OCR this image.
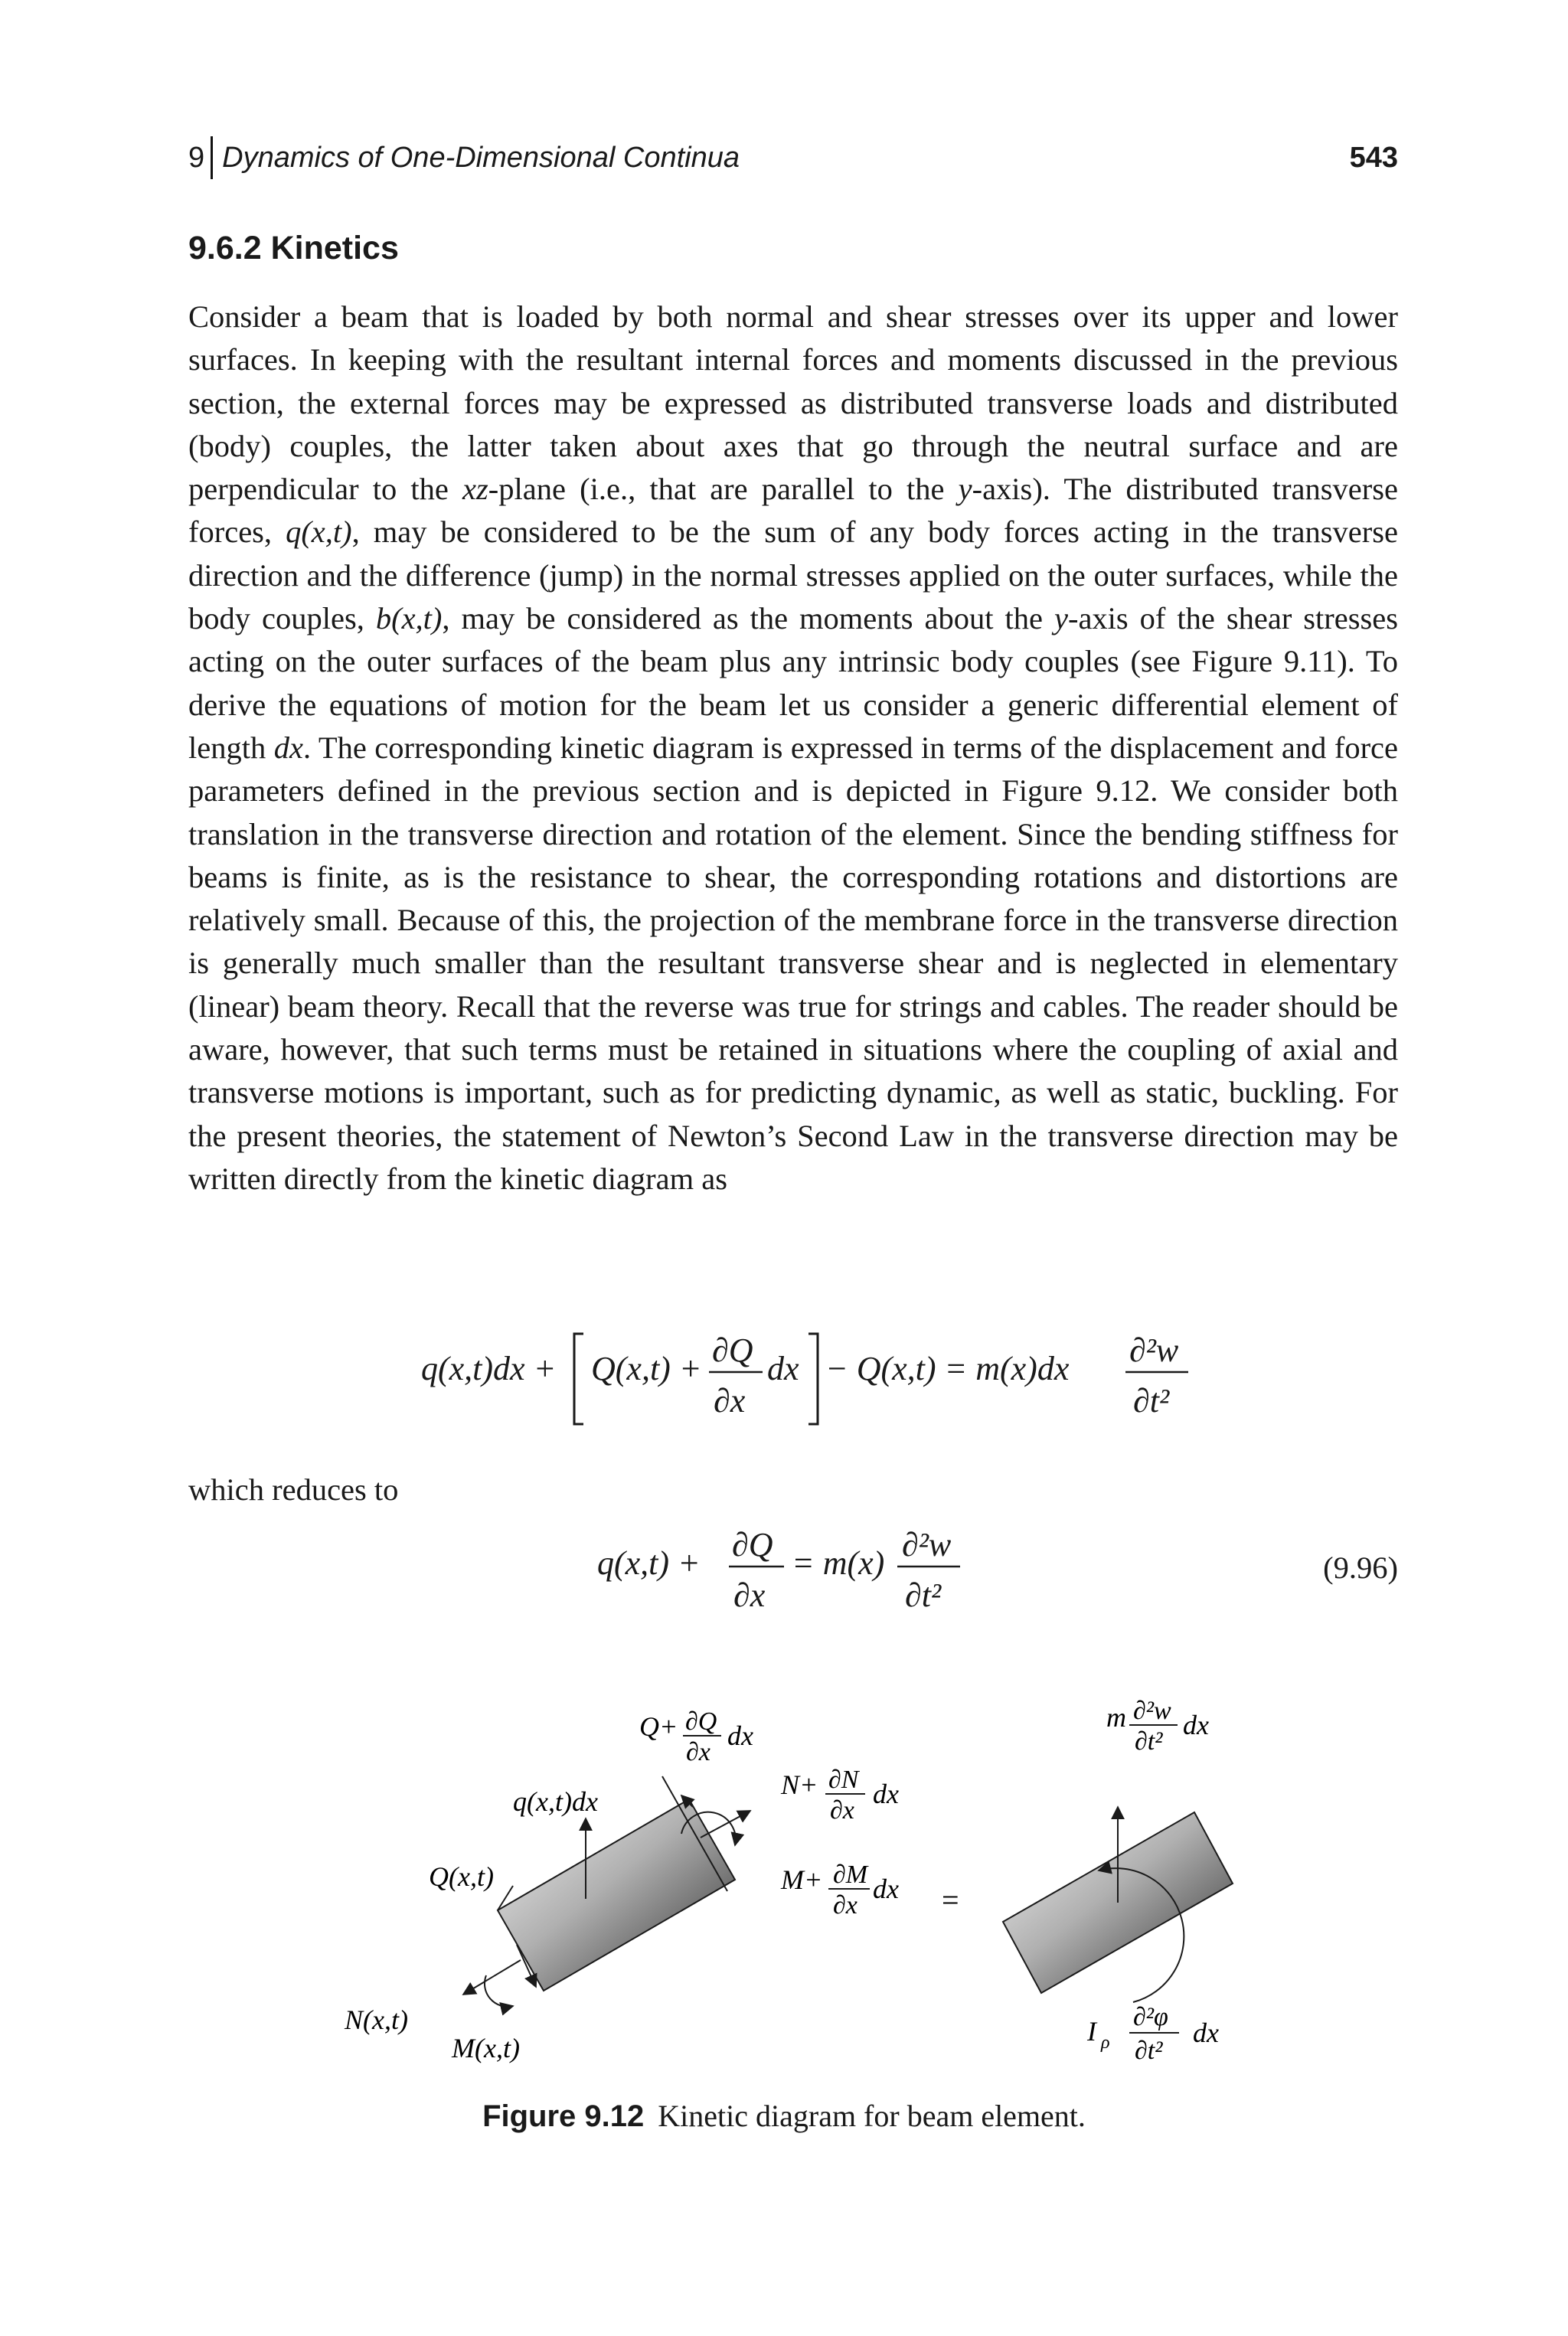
9 Dynamics of One-Dimensional Continua	543
9.6.2 Kinetics

Consider a beam that is loaded by both normal and shear stresses over its upper and lower surfaces. In keeping with the resultant internal forces and moments discussed in the previous section, the external forces may be expressed as distributed transverse loads and distributed (body) couples, the latter taken about axes that go through the neutral surface and are perpendicular to the xz-plane (i.e., that are parallel to the y-axis). The distributed transverse forces, q(x,t), may be considered to be the sum of any body forces acting in the transverse direction and the difference (jump) in the normal stresses applied on the outer surfaces, while the body couples, b(x,t), may be considered as the moments about the y-axis of the shear stresses acting on the outer surfaces of the beam plus any intrinsic body couples (see Figure 9.11). To derive the equations of motion for the beam let us consider a generic differential element of length dx. The corresponding kinetic diagram is expressed in terms of the displacement and force parameters defined in the previous section and is depicted in Figure 9.12. We consider both translation in the transverse direction and rotation of the element. Since the bending stiffness for beams is finite, as is the resistance to shear, the corresponding rotations and distortions are relatively small. Because of this, the projection of the membrane force in the transverse direction is generally much smaller than the resultant transverse shear and is neglected in elementary (linear) beam theory. Recall that the reverse was true for strings and cables. The reader should be aware, however, that such terms must be retained in situations where the coupling of axial and transverse motions is important, such as for predicting dynamic, as well as static, buckling. For the present theories, the statement of Newton’s Second Law in the transverse direction may be written directly from the kinetic diagram as

q(x,t)dx + Q(x,t) + ∂Q
∂x
dx − Q(x,t) = m(x)dx ∂²w
∂t²
which reduces to
q(x,t) + ∂Q
∂x
= m(x) ∂²w
∂t²
(9.96)
q(x,t)dx
Q+ ∂Q
∂x
dx
N+ ∂N
∂x
dx
M+ ∂M
∂x
dx =
Q(x,t)
N(x,t)
M(x,t)
m ∂²w
∂t²
dx
I ρ
∂²φ
∂t²
dx
Figure 9.12 Kinetic diagram for beam element.
